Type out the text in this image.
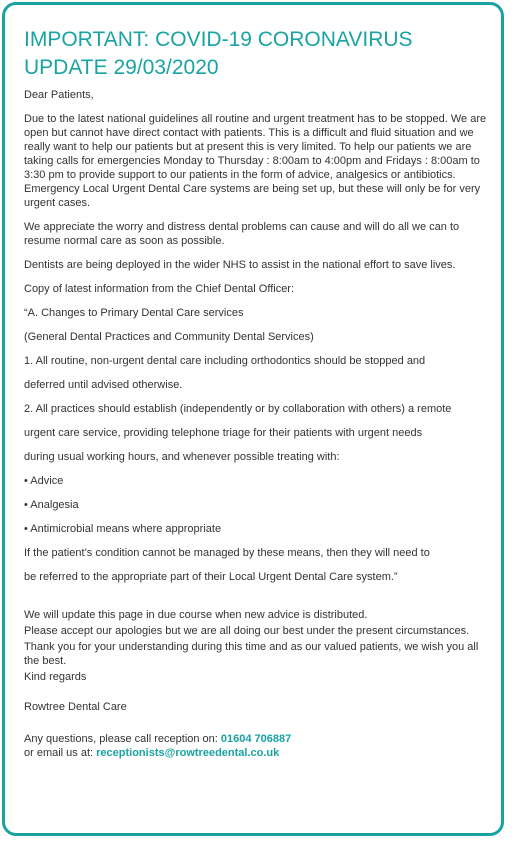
IMPORTANT: COVID-19 CORONAVIRUS UPDATE 29/03/2020

Dear Patients,

Due to the latest national guidelines all routine and urgent treatment has to be stopped. We are open but cannot have direct contact with patients. This is a difficult and fluid situation and we really want to help our patients but at present this is very limited. To help our patients we are taking calls for emergencies Monday to Thursday : 8:00am to 4:00pm and Fridays : 8:00am to 3:30 pm to provide support to our patients in the form of advice, analgesics or antibiotics. Emergency Local Urgent Dental Care systems are being set up, but these will only be for very urgent cases.

We appreciate the worry and distress dental problems can cause and will do all we can to resume normal care as soon as possible.

Dentists are being deployed in the wider NHS to assist in the national effort to save lives.

Copy of latest information from the Chief Dental Officer:

“A. Changes to Primary Dental Care services

(General Dental Practices and Community Dental Services)

1. All routine, non-urgent dental care including orthodontics should be stopped and

deferred until advised otherwise.

2. All practices should establish (independently or by collaboration with others) a remote

urgent care service, providing telephone triage for their patients with urgent needs

during usual working hours, and whenever possible treating with:

• Advice

• Analgesia

• Antimicrobial means where appropriate

If the patient’s condition cannot be managed by these means, then they will need to

be referred to the appropriate part of their Local Urgent Dental Care system.”

We will update this page in due course when new advice is distributed.

Please accept our apologies but we are all doing our best under the present circumstances.

Thank you for your understanding during this time and as our valued patients, we wish you all the best.

Kind regards

Rowtree Dental Care

Any questions, please call reception on: 01604 706887
or email us at: receptionists@rowtreedental.co.uk
